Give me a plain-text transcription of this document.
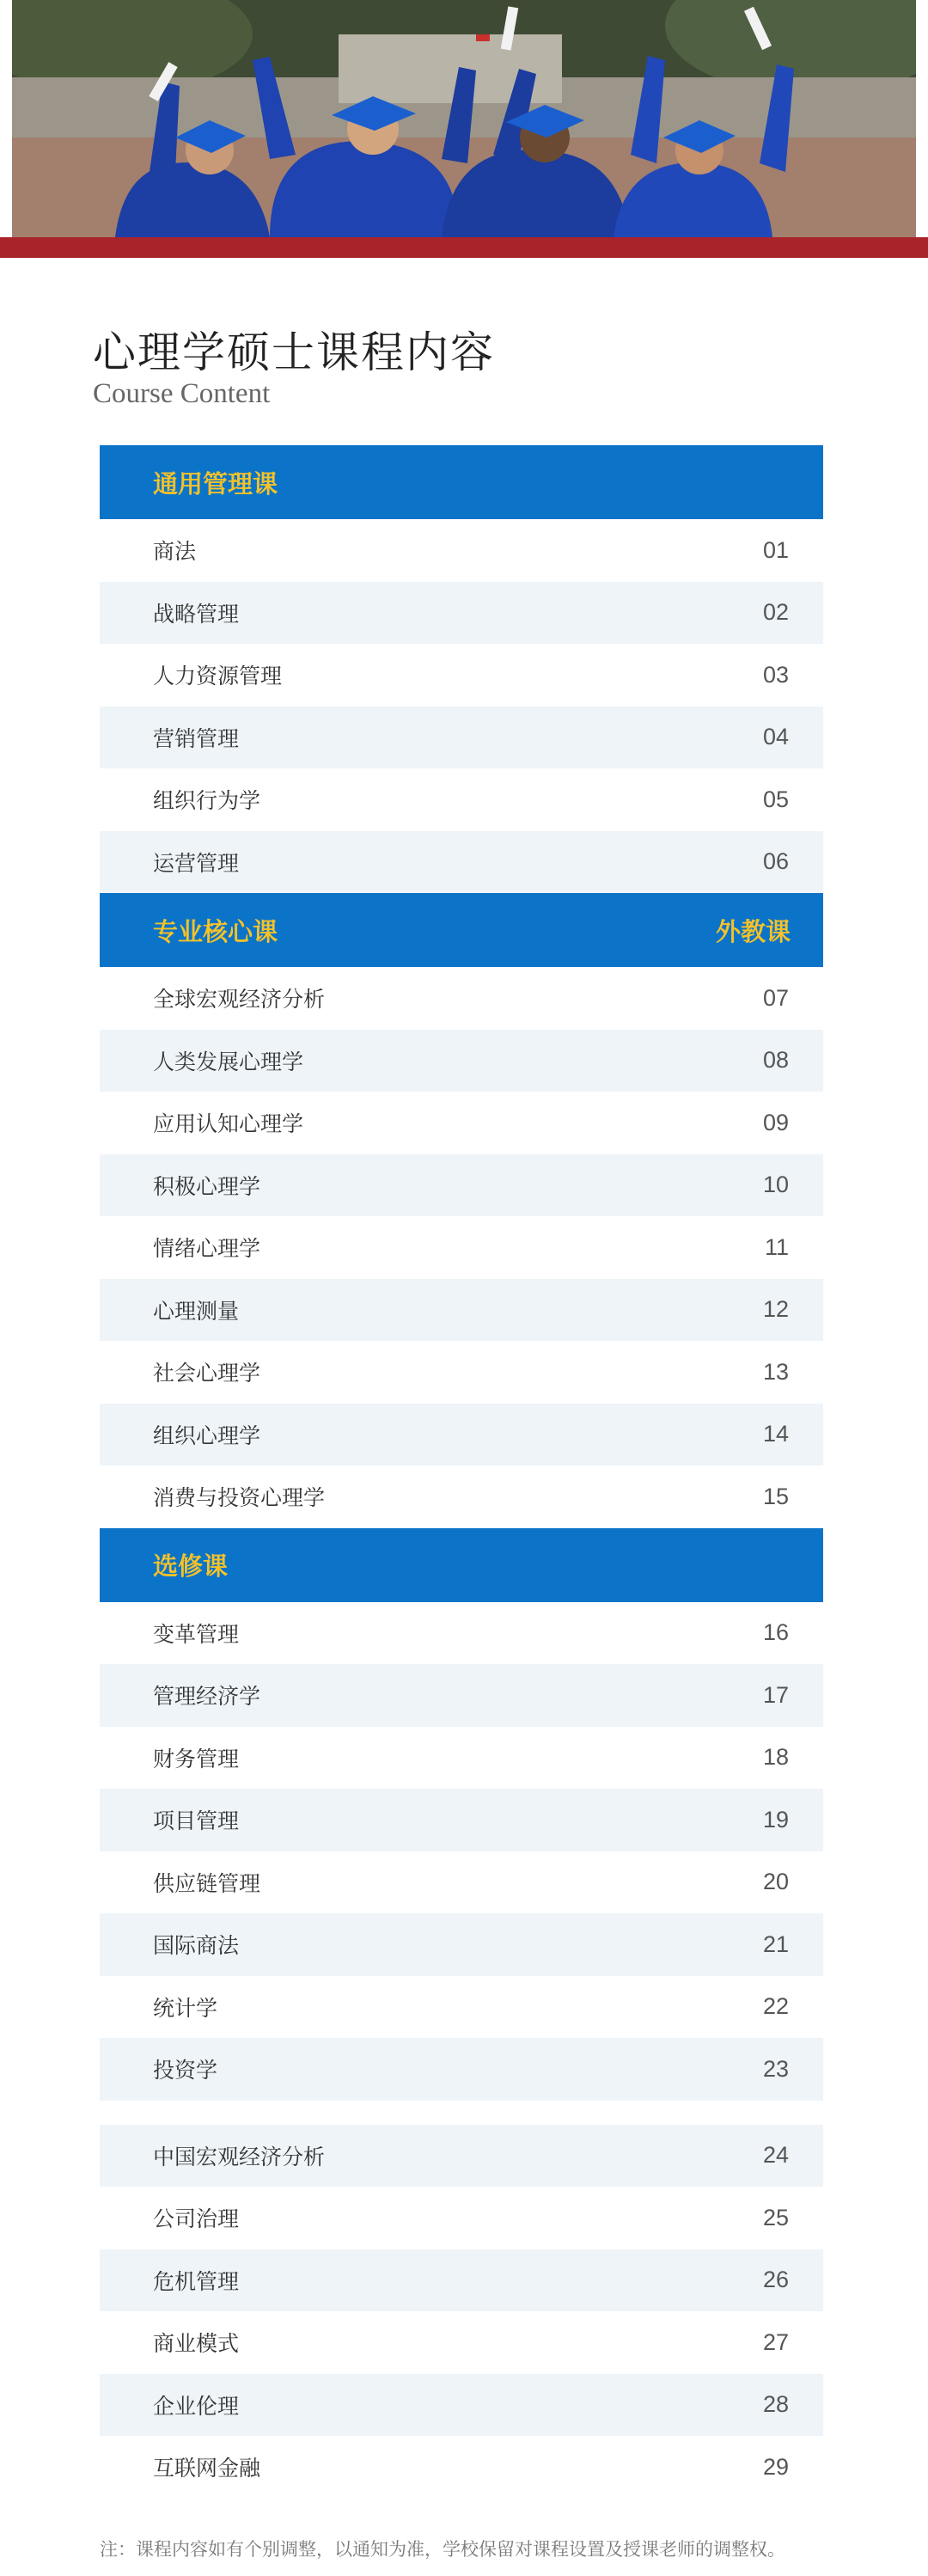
心理学硕士课程内容

Course Content

通用管理课
商法	01
战略管理	02
人力资源管理	03
营销管理	04
组织行为学	05
运营管理	06
专业核心课	外教课
全球宏观经济分析	07
人类发展心理学	08
应用认知心理学	09
积极心理学	10
情绪心理学	11
心理测量	12
社会心理学	13
组织心理学	14
消费与投资心理学	15
选修课
变革管理	16
管理经济学	17
财务管理	18
项目管理	19
供应链管理	20
国际商法	21
统计学	22
投资学	23
中国宏观经济分析	24
公司治理	25
危机管理	26
商业模式	27
企业伦理	28
互联网金融	29

注：课程内容如有个别调整，以通知为准，学校保留对课程设置及授课老师的调整权。
